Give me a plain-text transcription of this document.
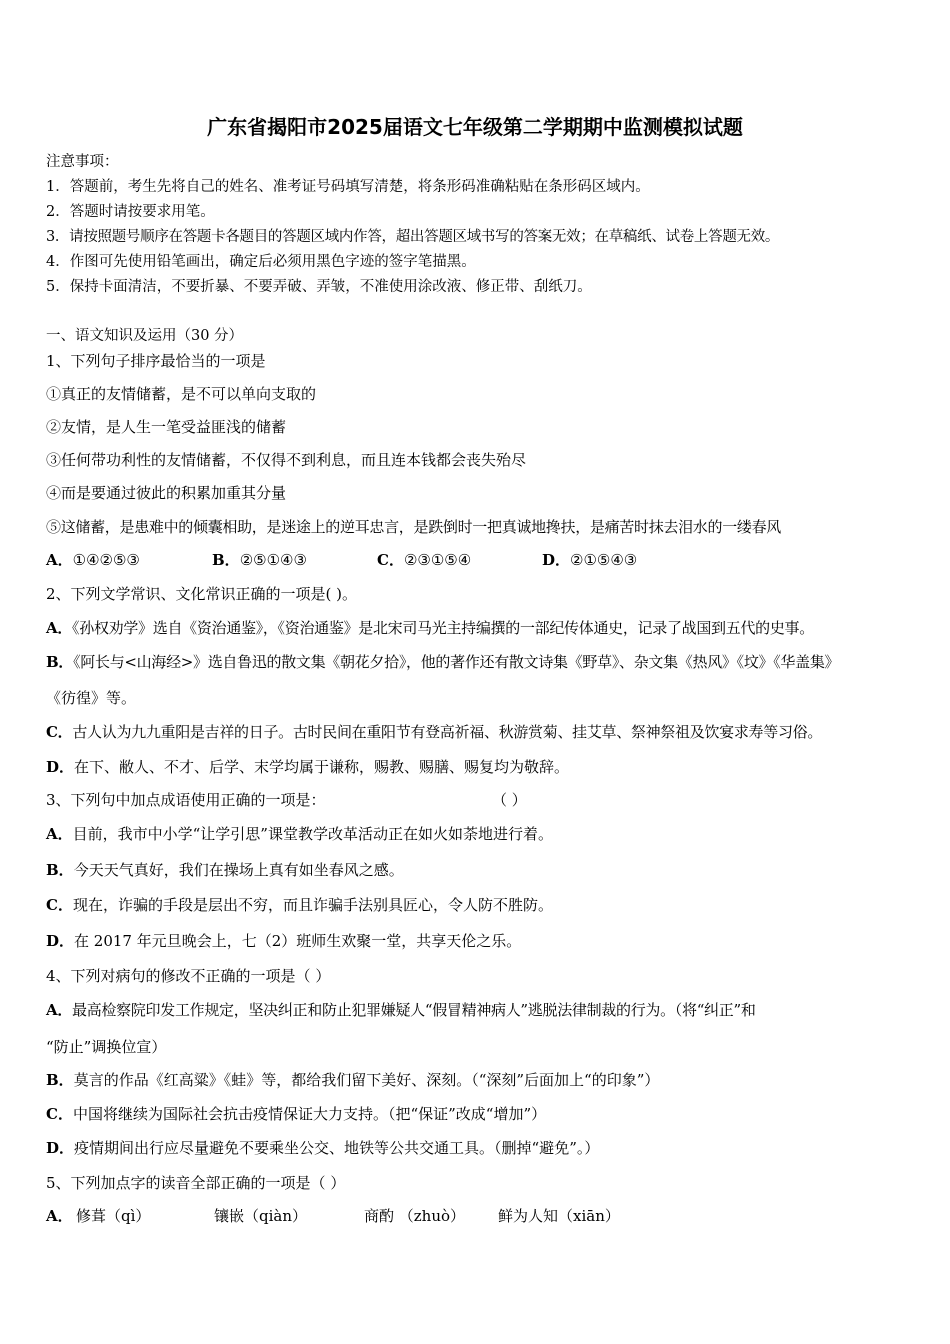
广东省揭阳市2025届语文七年级第二学期期中监测模拟试题
注意事项：
1．答题前，考生先将自己的姓名、准考证号码填写清楚，将条形码准确粘贴在条形码区域内。
2．答题时请按要求用笔。
3．请按照题号顺序在答题卡各题目的答题区域内作答，超出答题区域书写的答案无效；在草稿纸、试卷上答题无效。
4．作图可先使用铅笔画出，确定后必须用黑色字迹的签字笔描黑。
5．保持卡面清洁，不要折暴、不要弄破、弄皱，不准使用涂改液、修正带、刮纸刀。
一、语文知识及运用（30 分）
1、下列句子排序最恰当的一项是
①真正的友情储蓄，是不可以单向支取的
②友情，是人生一笔受益匪浅的储蓄
③任何带功利性的友情储蓄，不仅得不到利息，而且连本钱都会丧失殆尽
④而是要通过彼此的积累加重其分量
⑤这储蓄，是患难中的倾囊相助，是迷途上的逆耳忠言，是跌倒时一把真诚地搀扶，是痛苦时抹去泪水的一缕春风
A．①④②⑤③	B．②⑤①④③	C．②③①⑤④	D．②①⑤④③
2、下列文学常识、文化常识正确的一项是( )。
A．《孙权劝学》选自《资治通鉴》，《资治通鉴》是北宋司马光主持编撰的一部纪传体通史，记录了战国到五代的史事。
B．《阿长与<山海经>》选自鲁迅的散文集《朝花夕拾》，他的著作还有散文诗集《野草》、杂文集《热风》《坟》《华盖集》
《彷徨》等。
C．古人认为九九重阳是吉祥的日子。古时民间在重阳节有登高祈福、秋游赏菊、挂艾草、祭神祭祖及饮宴求寿等习俗。
D．在下、敝人、不才、后学、末学均属于谦称，赐教、赐膳、赐复均为敬辞。
3、下列句中加点成语使用正确的一项是：	（ ）
A．目前，我市中小学“让学引思”课堂教学改革活动正在如火如荼地进行着。
B．今天天气真好，我们在操场上真有如坐春风之感。
C．现在，诈骗的手段是层出不穷，而且诈骗手法别具匠心，令人防不胜防。
D．在 2017 年元旦晚会上，七（2）班师生欢聚一堂，共享天伦之乐。
4、下列对病句的修改不正确的一项是（ ）
A．最高检察院印发工作规定，坚决纠正和防止犯罪嫌疑人“假冒精神病人”逃脱法律制裁的行为。（将“纠正”和
“防止”调换位宣）
B．莫言的作品《红高粱》《蛙》等，都给我们留下美好、深刻。（“深刻”后面加上“的印象”）
C．中国将继续为国际社会抗击疫情保证大力支持。（把“保证”改成“增加”）
D．疫情期间出行应尽量避免不要乘坐公交、地铁等公共交通工具。（删掉“避免”。）
5、下列加点字的读音全部正确的一项是（ ）
A． 修葺（qì）	镶嵌（qiàn）	商酌 （zhuò） 鲜为人知（xiān）
